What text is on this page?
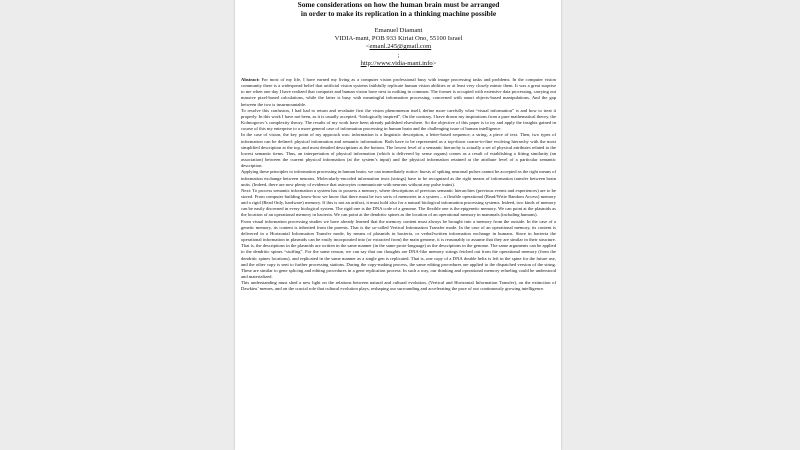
Some considerations on how the human brain must be arranged
in order to make its replication in a thinking machine possible
Emanuel Diamant
VIDIA-mant, POB 933 Kiriat Ono, 55100 Israel
<emanl.245@gmail.com
;
http://www.vidia-mant.info>

Abstract: For most of my life, I have earned my living as a computer vision professional busy with image processing tasks and problems. In the computer vision community there is a widespread belief that artificial vision systems faithfully replicate human vision abilities or at least very closely mimic them. It was a great surprise to me when one day I have realized that computer and human vision have next to nothing in common. The former is occupied with extensive data processing, carrying out massive pixel-based calculations, while the latter is busy with meaningful information processing, concerned with smart objects-based manipulations. And the gap between the two is insurmountable.

To resolve this confusion, I had had to return and revaluate first the vision phenomenon itself, define more carefully what “visual information” is and how to treat it properly. In this work I have not been, as it is usually accepted, “biologically inspired”. On the contrary, I have drawn my inspirations from a pure mathematical theory, the Kolmogorov’s complexity theory. The results of my work have been already published elsewhere. So the objective of this paper is to try and apply the insights gained in course of this my enterprise to a more general case of information processing in human brain and the challenging issue of human intelligence.

In the case of vision, the key point of my approach was: information is a linguistic description, a letter-based sequence, a string, a piece of text. Then, two types of information can be defined: physical information and semantic information. Both have to be represented as a top-down coarse-to-fine evolving hierarchy with the most simplified description at the top, and most detailed descriptions at the bottom. The lowest level of a semantic hierarchy is actually a set of physical attributes related to the lowest semantic items. Thus, an interpretation of physical information (which is delivered by sense organs) comes as a result of establishing a fitting similarity (an association) between the current physical information (at the system’s input) and the physical information retained at the attribute level of a particular semantic description.

Applying these principles to information processing in human brain, we can immediately notice: bursts of spiking neuronal pulses cannot be accepted as the right means of information exchange between neurons. Molecularly-encoded information texts (strings) have to be recognized as the right means of information transfer between brain units. (Indeed, there are now plenty of evidence that astrocytes communicate with neurons without any pulse trains).

Next: To process semantic information a system has to possess a memory, where descriptions of previous semantic hierarchies (previous events and experiences) are to be stored. From computer building know-how we know that there must be two sorts of memories in a system – a flexible operational (Read/Write Random Access) memory and a rigid (Read Only, hardware) memory. If this is not an artifact, it must hold also for a natural biological information processing systems. Indeed, two kinds of memory can be easily discerned in every biological system. The rigid one is the DNA code of a genome. The flexible one is the epigenetic memory. We can point at the plasmids as the location of an operational memory in bacteria. We can point at the dendritic spines as the location of an operational memory in mammals (including humans).

From visual information processing studies we have already learned that the memory content must always be brought into a memory from the outside. In the case of a genetic memory, its content is inherited from the parents. That is the so-called Vertical Information Transfer mode. In the case of an operational memory, its content is delivered in a Horizontal Information Transfer mode, by means of plasmids in bacteria, or verbal/written information exchange in humans. Since in bacteria the operational information in plasmids can be easily incorporated into (or extracted from) the main genome, it is reasonably to assume that they are similar in their structure. That is, the descriptions in the plasmids are written in the same manner (in the same proto-language) as the descriptions in the genome. The same arguments can be applied to the dendritic spines “stuffing”. For the same reason, we can say that our thoughts are DNA-like memory strings fetched out from the operational memory (from the dendritic spines locations), and replicated in the same manner as a single gen is replicated. That is, one copy of a DNA double helix is left in the spine for the future use, and the other copy is sent to further processing stations. During the copy-making process, the same editing procedures are applied to the dispatched version of the string. These are similar to gene splicing and editing procedures in a gene replication process. In such a way, our thinking and operational memory refueling could be understood and materialized.

This understanding must shed a new light on the relations between natural and cultural evolution, (Vertical and Horizontal Information Transfer), on the extinction of Dawkins’ memes, and on the crucial role that cultural evolution plays, reshaping our surrounding and accelerating the pace of our continuously growing intelligence.
